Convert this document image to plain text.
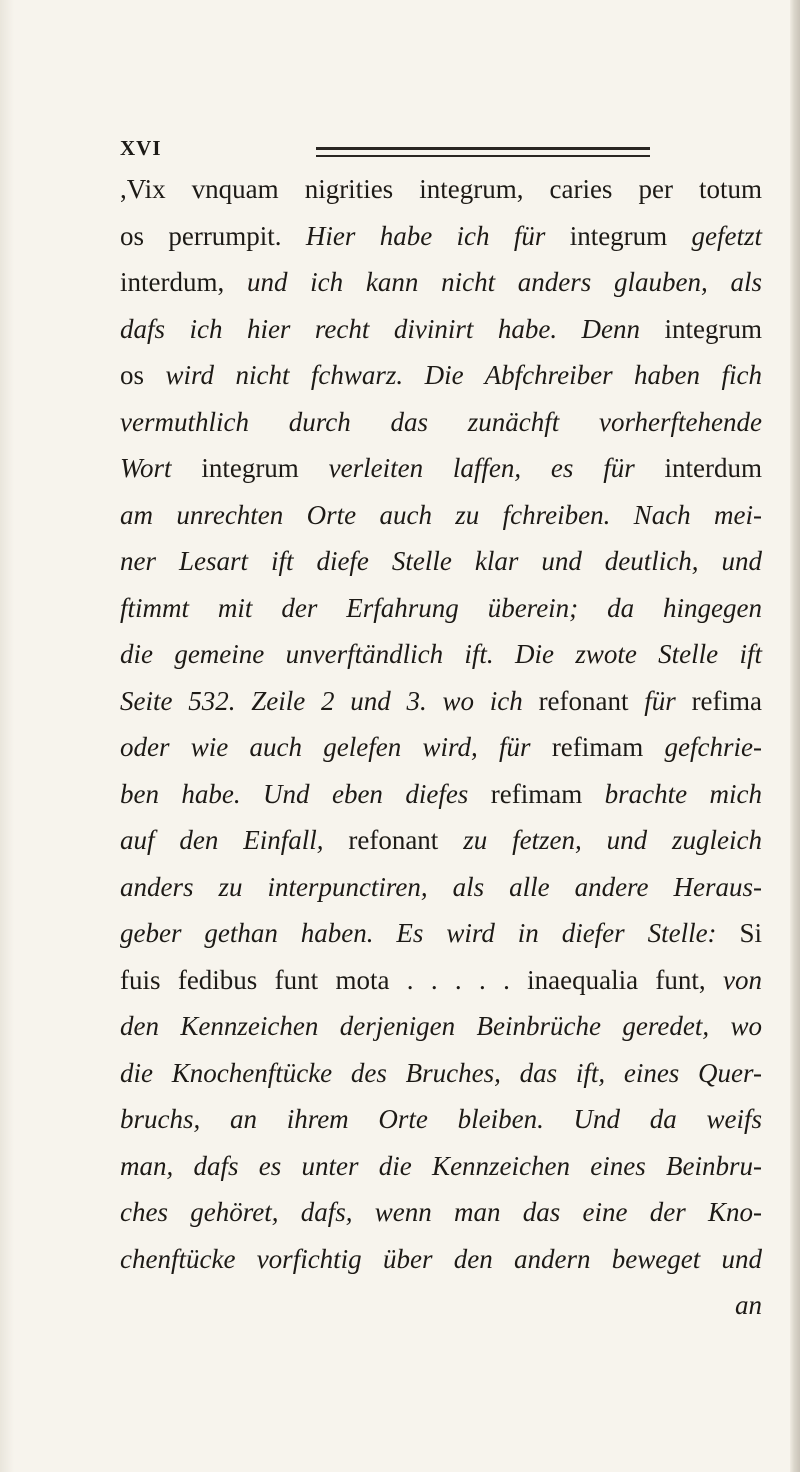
XVI
,Vix vnquam nigrities integrum, caries per totum
os perrumpit. Hier habe ich für integrum gefetzt
interdum, und ich kann nicht anders glauben, als
dafs ich hier recht divinirt habe. Denn integrum
os wird nicht fchwarz. Die Abfchreiber haben fich
vermuthlich durch das zunächft vorherftehende
Wort integrum verleiten laffen, es für interdum
am unrechten Orte auch zu fchreiben. Nach mei-
ner Lesart ift diefe Stelle klar und deutlich, und
ftimmt mit der Erfahrung überein; da hingegen
die gemeine unverftändlich ift. Die zwote Stelle ift
Seite 532. Zeile 2 und 3. wo ich refonant für refima
oder wie auch gelefen wird, für refimam gefchrie-
ben habe. Und eben diefes refimam brachte mich
auf den Einfall, refonant zu fetzen, und zugleich
anders zu interpunctiren, als alle andere Heraus-
geber gethan haben. Es wird in diefer Stelle: Si
fuis fedibus funt mota . . . . . inaequalia funt, von
den Kennzeichen derjenigen Beinbrüche geredet, wo
die Knochenftücke des Bruches, das ift, eines Quer-
bruchs, an ihrem Orte bleiben. Und da weifs
man, dafs es unter die Kennzeichen eines Beinbru-
ches gehöret, dafs, wenn man das eine der Kno-
chenftücke vorfichtig über den andern beweget und
an
